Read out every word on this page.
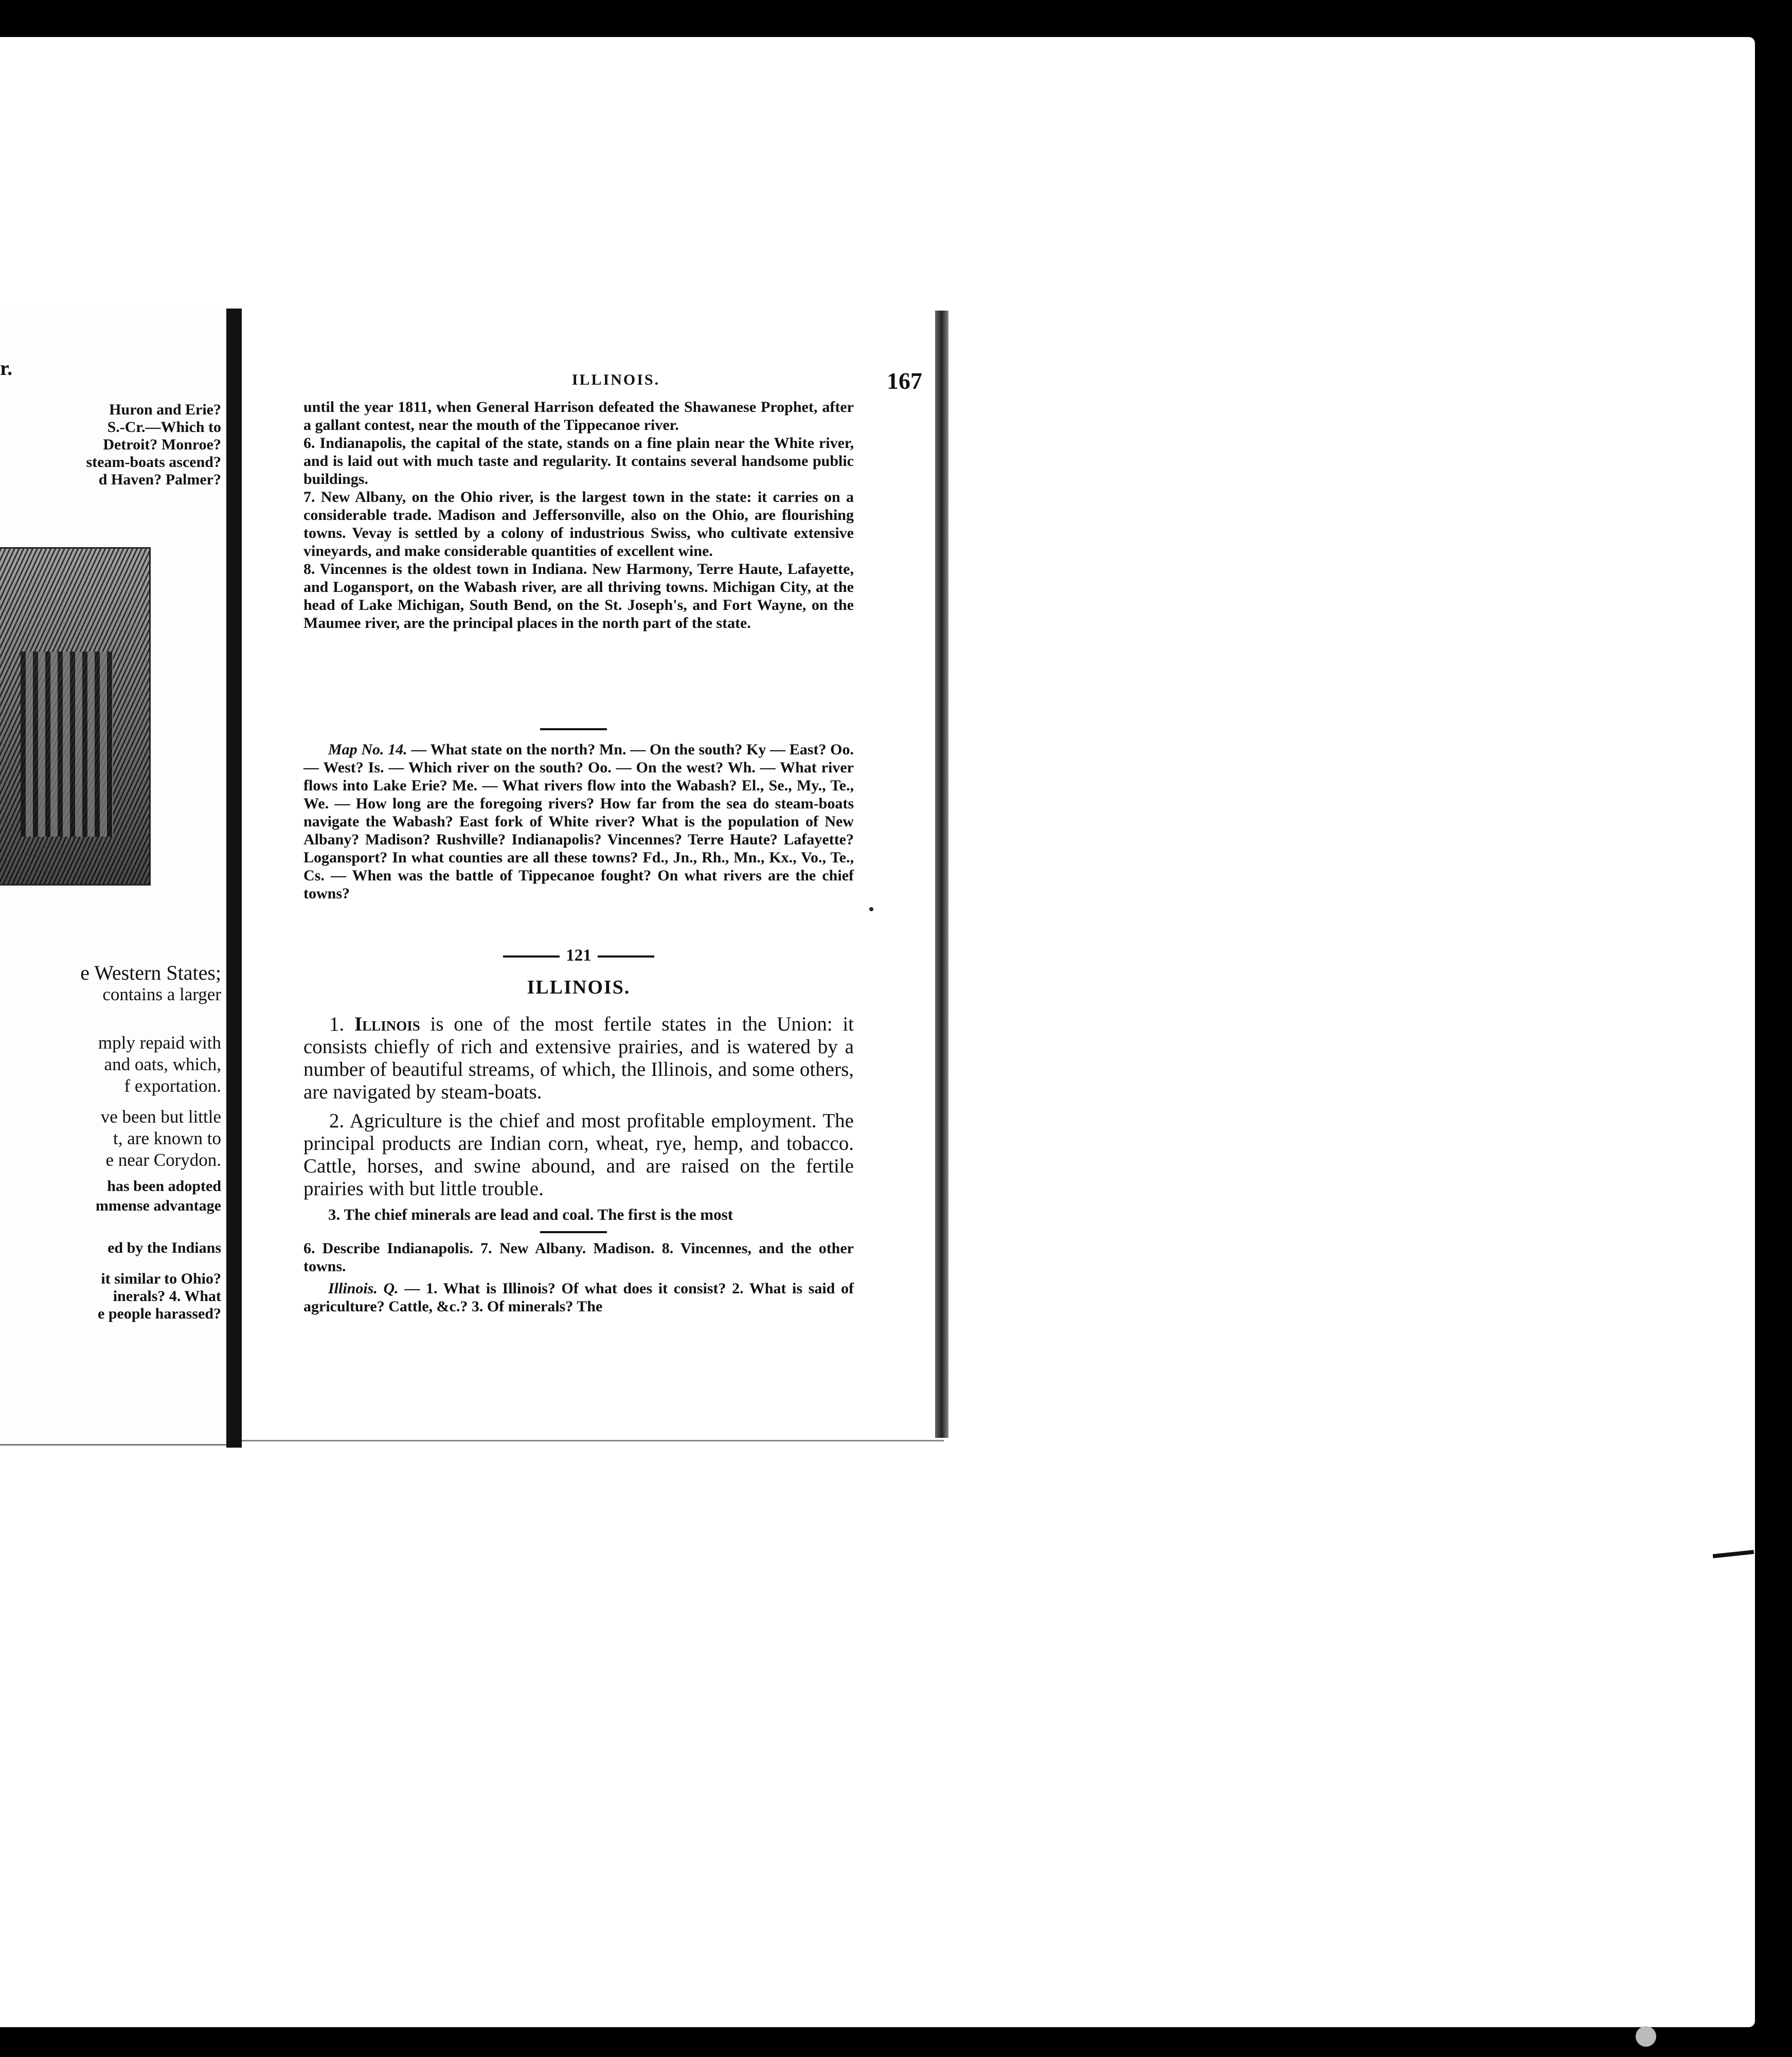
r.
Huron and Erie?
S.-Cr.—Which to
Detroit? Monroe?
steam-boats ascend?
d Haven? Palmer?
e Western States;
contains a larger
mply repaid with
and oats, which,
f exportation.
ve been but little
t, are known to
e near Corydon.
has been adopted
mmense advantage
ed by the Indians
it similar to Ohio?
inerals? 4. What
e people harassed?
ILLINOIS.	167
until the year 1811, when General Harrison defeated the Shawanese Prophet, after a gallant contest, near the mouth of the Tippecanoe river.
6. Indianapolis, the capital of the state, stands on a fine plain near the White river, and is laid out with much taste and regularity. It contains several handsome public buildings.
7. New Albany, on the Ohio river, is the largest town in the state: it carries on a considerable trade. Madison and Jeffersonville, also on the Ohio, are flourishing towns. Vevay is settled by a colony of industrious Swiss, who cultivate extensive vineyards, and make considerable quantities of excellent wine.
8. Vincennes is the oldest town in Indiana. New Harmony, Terre Haute, Lafayette, and Logansport, on the Wabash river, are all thriving towns. Michigan City, at the head of Lake Michigan, South Bend, on the St. Joseph's, and Fort Wayne, on the Maumee river, are the principal places in the north part of the state.
Map No. 14. — What state on the north? Mn. — On the south? Ky — East? Oo. — West? Is. — Which river on the south? Oo. — On the west? Wh. — What river flows into Lake Erie? Me. — What rivers flow into the Wabash? El., Se., My., Te., We. — How long are the foregoing rivers? How far from the sea do steam-boats navigate the Wabash? East fork of White river? What is the population of New Albany? Madison? Rushville? Indianapolis? Vincennes? Terre Haute? Lafayette? Logansport? In what counties are all these towns? Fd., Jn., Rh., Mn., Kx., Vo., Te., Cs. — When was the battle of Tippecanoe fought? On what rivers are the chief towns?
121
ILLINOIS.

1. Illinois is one of the most fertile states in the Union: it consists chiefly of rich and extensive prairies, and is watered by a number of beautiful streams, of which, the Illinois, and some others, are navigated by steam-boats.

2. Agriculture is the chief and most profitable employment. The principal products are Indian corn, wheat, rye, hemp, and tobacco. Cattle, horses, and swine abound, and are raised on the fertile prairies with but little trouble.

3. The chief minerals are lead and coal. The first is the most
6. Describe Indianapolis. 7. New Albany. Madison. 8. Vincennes, and the other towns.
Illinois. Q. — 1. What is Illinois? Of what does it consist? 2. What is said of agriculture? Cattle, &c.? 3. Of minerals? The
